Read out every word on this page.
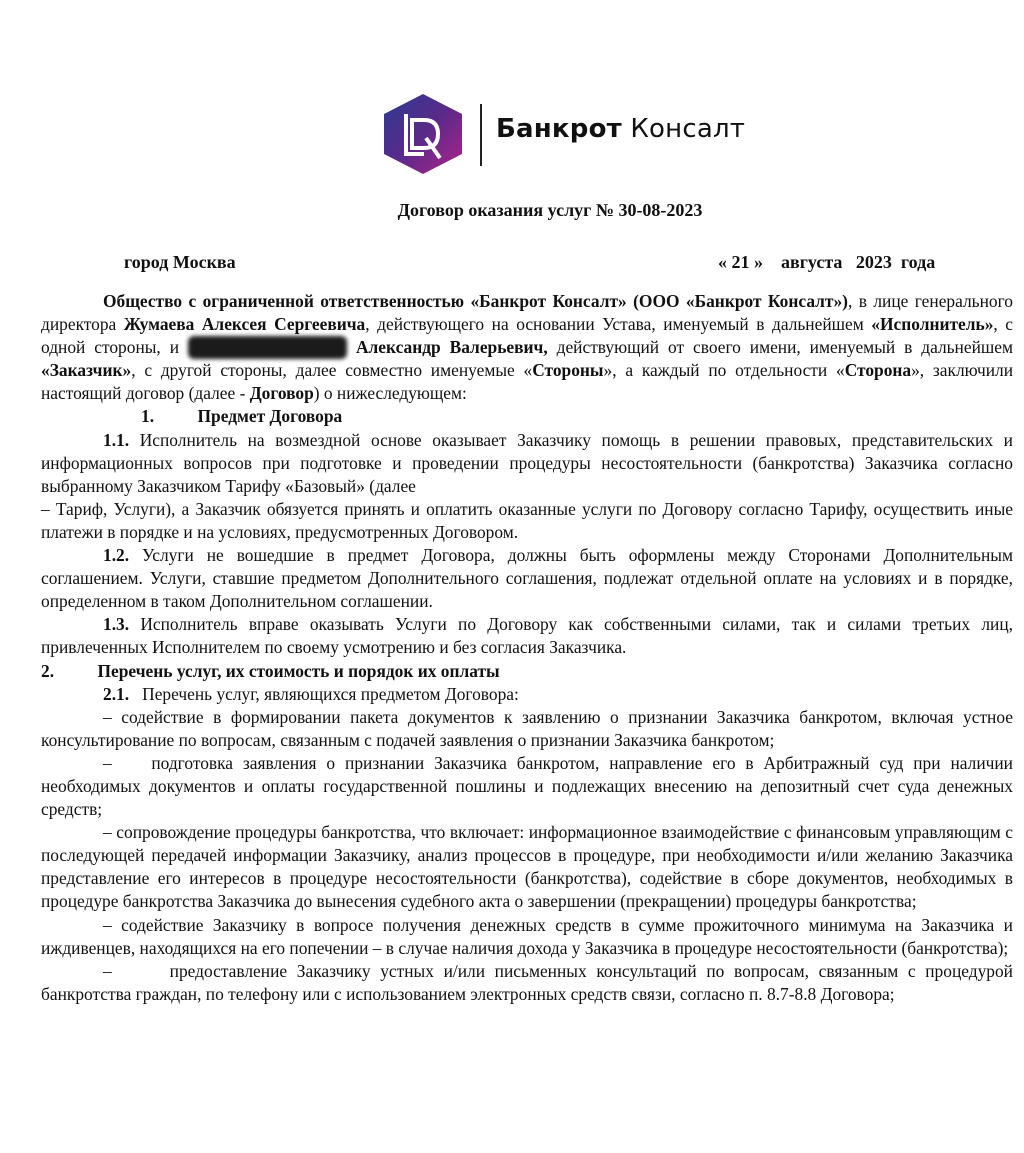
Банкрот Консалт
Договор оказания услуг № 30-08-2023
город Москва	« 21 »    августа   2023  года

Общество с ограниченной ответственностью «Банкрот Консалт» (ООО «Банкрот Консалт»), в лице генерального директора Жумаева Алексея Сергеевича, действующего на основании Устава, именуемый в дальнейшем «Исполнитель», с одной стороны, и	Александр Валерьевич, действующий от своего имени, именуемый в дальнейшем «Заказчик», с другой стороны, далее совместно именуемые «Стороны», а каждый по отдельности «Сторона», заключили настоящий договор (далее - Договор) о нижеследующем:

1.          Предмет Договора

1.1. Исполнитель на возмездной основе оказывает Заказчику помощь в решении правовых, представительских и информационных вопросов при подготовке и проведении процедуры несостоятельности (банкротства) Заказчика согласно выбранному Заказчиком Тарифу «Базовый» (далее

– Тариф, Услуги), а Заказчик обязуется принять и оплатить оказанные услуги по Договору согласно Тарифу, осуществить иные платежи в порядке и на условиях, предусмотренных Договором.

1.2. Услуги не вошедшие в предмет Договора, должны быть оформлены между Сторонами Дополнительным соглашением. Услуги, ставшие предметом Дополнительного соглашения, подлежат отдельной оплате на условиях и в порядке, определенном в таком Дополнительном соглашении.

1.3. Исполнитель вправе оказывать Услуги по Договору как собственными силами, так и силами третьих лиц, привлеченных Исполнителем по своему усмотрению и без согласия Заказчика.

2.          Перечень услуг, их стоимость и порядок их оплаты

2.1.   Перечень услуг, являющихся предметом Договора:

– содействие в формировании пакета документов к заявлению о признании Заказчика банкротом, включая устное консультирование по вопросам, связанным с подачей заявления о признании Заказчика банкротом;

–    подготовка заявления о признании Заказчика банкротом, направление его в Арбитражный суд при наличии необходимых документов и оплаты государственной пошлины и подлежащих внесению на депозитный счет суда денежных средств;

– сопровождение процедуры банкротства, что включает: информационное взаимодействие с финансовым управляющим с последующей передачей информации Заказчику, анализ процессов в процедуре, при необходимости и/или желанию Заказчика представление его интересов в процедуре несостоятельности (банкротства), содействие в сборе документов, необходимых в процедуре банкротства Заказчика до вынесения судебного акта о завершении (прекращении) процедуры банкротства;

– содействие Заказчику в вопросе получения денежных средств в сумме прожиточного минимума на Заказчика и иждивенцев, находящихся на его попечении – в случае наличия дохода у Заказчика в процедуре несостоятельности (банкротства);

–      предоставление Заказчику устных и/или письменных консультаций по вопросам, связанным с процедурой банкротства граждан, по телефону или с использованием электронных средств связи, согласно п. 8.7-8.8 Договора;
